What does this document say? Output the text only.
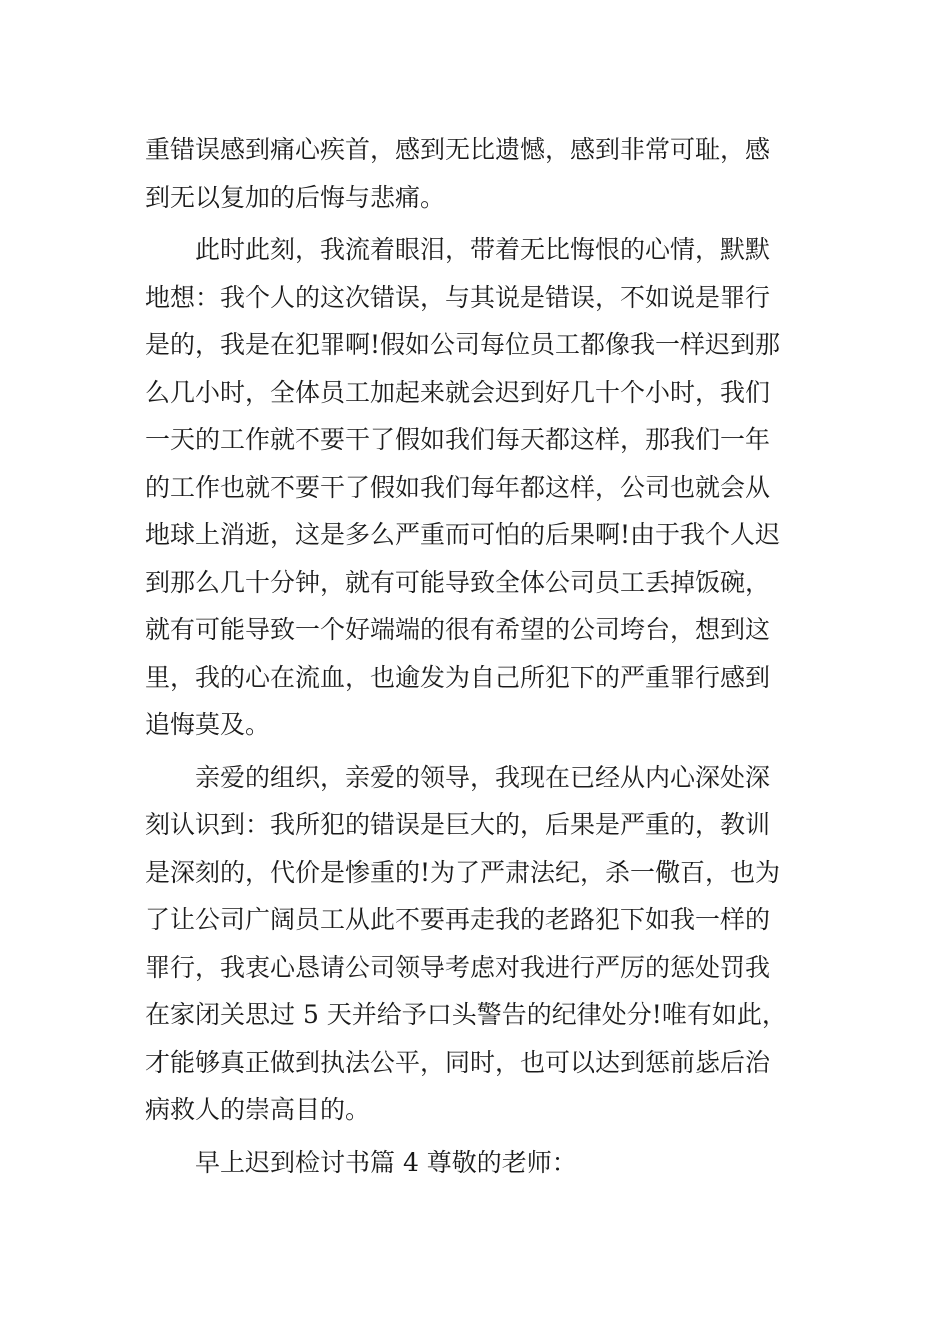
重错误感到痛心疾首，感到无比遗憾，感到非常可耻，感
到无以复加的后悔与悲痛。
　　此时此刻，我流着眼泪，带着无比悔恨的心情，默默
地想：我个人的这次错误，与其说是错误，不如说是罪行
是的，我是在犯罪啊!假如公司每位员工都像我一样迟到那
么几小时，全体员工加起来就会迟到好几十个小时，我们
一天的工作就不要干了假如我们每天都这样，那我们一年
的工作也就不要干了假如我们每年都这样，公司也就会从
地球上消逝，这是多么严重而可怕的后果啊!由于我个人迟
到那么几十分钟，就有可能导致全体公司员工丢掉饭碗，
就有可能导致一个好端端的很有希望的公司垮台，想到这
里，我的心在流血，也逾发为自己所犯下的严重罪行感到
追悔莫及。
　　亲爱的组织，亲爱的领导，我现在已经从内心深处深
刻认识到：我所犯的错误是巨大的，后果是严重的，教训
是深刻的，代价是惨重的!为了严肃法纪，杀一儆百，也为
了让公司广阔员工从此不要再走我的老路犯下如我一样的
罪行，我衷心恳请公司领导考虑对我进行严厉的惩处罚我
在家闭关思过 5 天并给予口头警告的纪律处分!唯有如此，
才能够真正做到执法公平，同时，也可以达到惩前毖后治
病救人的崇高目的。
　　早上迟到检讨书篇 4 尊敬的老师：
